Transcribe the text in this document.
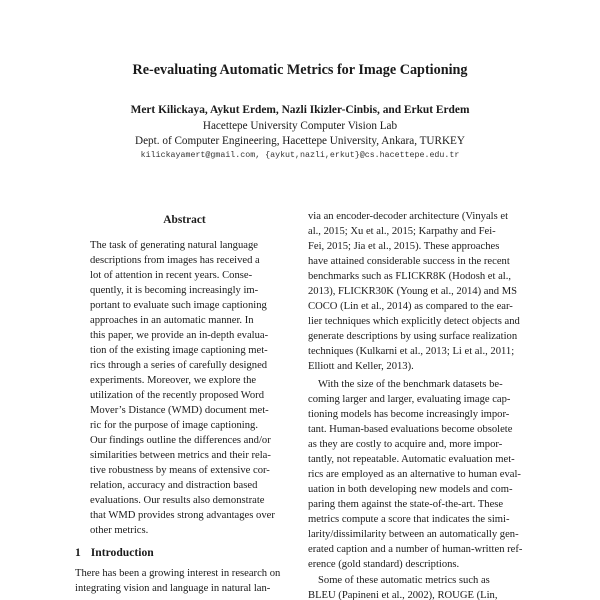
Re-evaluating Automatic Metrics for Image Captioning
Mert Kilickaya, Aykut Erdem, Nazli Ikizler-Cinbis, and Erkut Erdem
Hacettepe University Computer Vision Lab
Dept. of Computer Engineering, Hacettepe University, Ankara, TURKEY
kilickayamert@gmail.com, {aykut,nazli,erkut}@cs.hacettepe.edu.tr
Abstract
The task of generating natural language
descriptions from images has received a
lot of attention in recent years. Conse-
quently, it is becoming increasingly im-
portant to evaluate such image captioning
approaches in an automatic manner. In
this paper, we provide an in-depth evalua-
tion of the existing image captioning met-
rics through a series of carefully designed
experiments. Moreover, we explore the
utilization of the recently proposed Word
Mover’s Distance (WMD) document met-
ric for the purpose of image captioning.
Our findings outline the differences and/or
similarities between metrics and their rela-
tive robustness by means of extensive cor-
relation, accuracy and distraction based
evaluations. Our results also demonstrate
that WMD provides strong advantages over
other metrics.
1 Introduction
There has been a growing interest in research on
integrating vision and language in natural lan-
via an encoder-decoder architecture (Vinyals et
al., 2015; Xu et al., 2015; Karpathy and Fei-
Fei, 2015; Jia et al., 2015). These approaches
have attained considerable success in the recent
benchmarks such as FLICKR8K (Hodosh et al.,
2013), FLICKR30K (Young et al., 2014) and MS
COCO (Lin et al., 2014) as compared to the ear-
lier techniques which explicitly detect objects and
generate descriptions by using surface realization
techniques (Kulkarni et al., 2013; Li et al., 2011;
Elliott and Keller, 2013).
With the size of the benchmark datasets be-
coming larger and larger, evaluating image cap-
tioning models has become increasingly impor-
tant. Human-based evaluations become obsolete
as they are costly to acquire and, more impor-
tantly, not repeatable. Automatic evaluation met-
rics are employed as an alternative to human eval-
uation in both developing new models and com-
paring them against the state-of-the-art. These
metrics compute a score that indicates the simi-
larity/dissimilarity between an automatically gen-
erated caption and a number of human-written ref-
erence (gold standard) descriptions.
Some of these automatic metrics such as
BLEU (Papineni et al., 2002), ROUGE (Lin,
